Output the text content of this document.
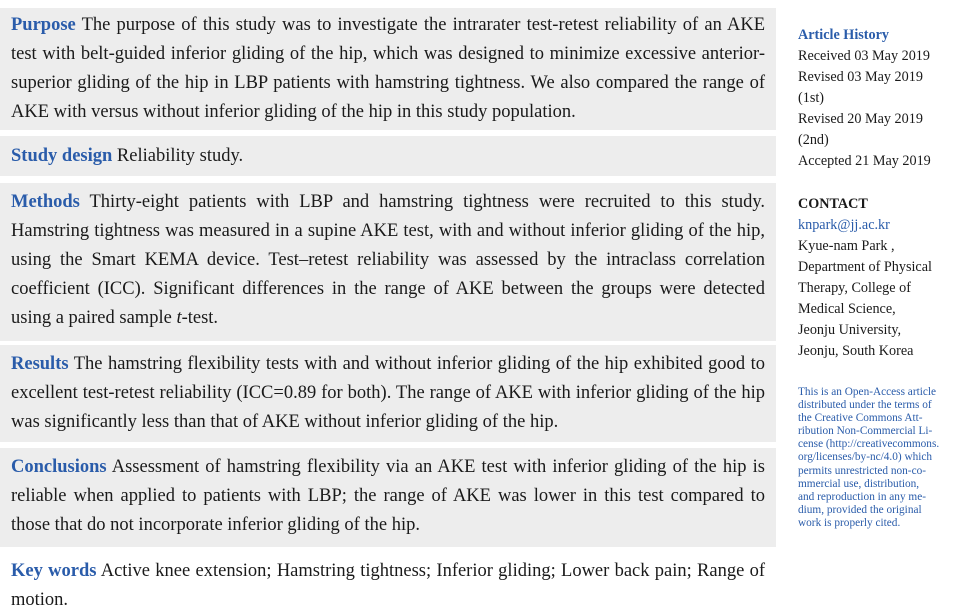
Purpose The purpose of this study was to investigate the intrarater test-retest reliability of an AKE test with belt-guided inferior gliding of the hip, which was designed to minimize excessive anterior-superior gliding of the hip in LBP patients with hamstring tightness. We also compared the range of AKE with versus without inferior gliding of the hip in this study population.
Study design Reliability study.
Methods Thirty-eight patients with LBP and hamstring tightness were recruited to this study. Hamstring tightness was measured in a supine AKE test, with and without inferior gliding of the hip, using the Smart KEMA device. Test–retest reliability was assessed by the intraclass correlation coefficient (ICC). Significant differences in the range of AKE between the groups were detected using a paired sample t-test.
Results The hamstring flexibility tests with and without inferior gliding of the hip exhibited good to excellent test-retest reliability (ICC=0.89 for both). The range of AKE with inferior gliding of the hip was significantly less than that of AKE without inferior gliding of the hip.
Conclusions Assessment of hamstring flexibility via an AKE test with inferior gliding of the hip is reliable when applied to patients with LBP; the range of AKE was lower in this test compared to those that do not incorporate inferior gliding of the hip.
Key words Active knee extension; Hamstring tightness; Inferior gliding; Lower back pain; Range of motion.
Article History
Received 03 May 2019
Revised 03 May 2019
(1st)
Revised 20 May 2019
(2nd)
Accepted 21 May 2019
CONTACT
knpark@jj.ac.kr
Kyue-nam Park ,
Department of Physical
Therapy, College of
Medical Science,
Jeonju University,
Jeonju, South Korea
This is an Open-Access article
distributed under the terms of
the Creative Commons Att-
ribution Non-Commercial Li-
cense (http://creativecommons.
org/licenses/by-nc/4.0) which
permits unrestricted non-co-
mmercial use, distribution,
and reproduction in any me-
dium, provided the original
work is properly cited.
